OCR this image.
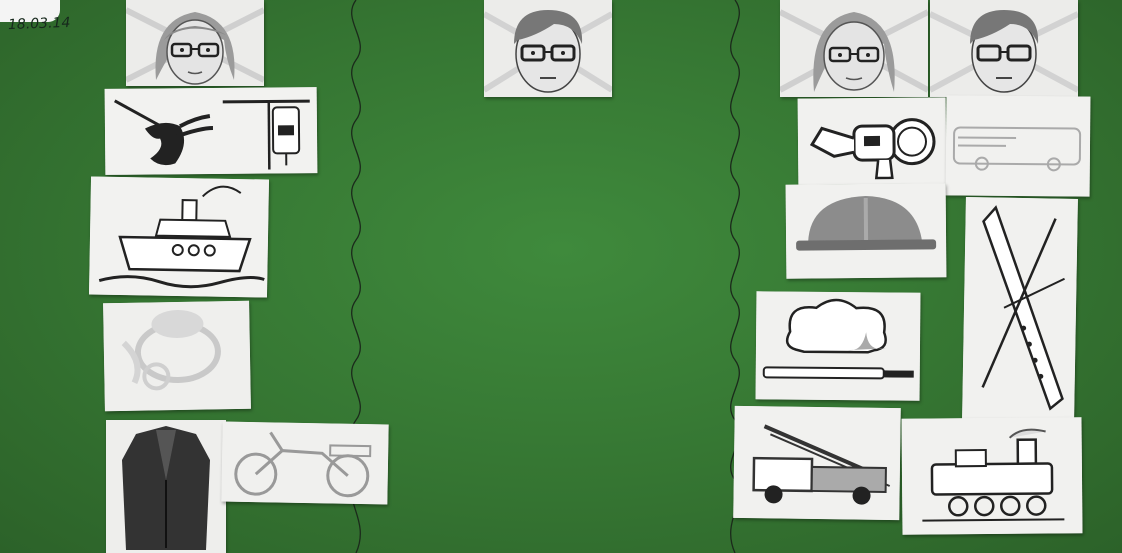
18.03.14
